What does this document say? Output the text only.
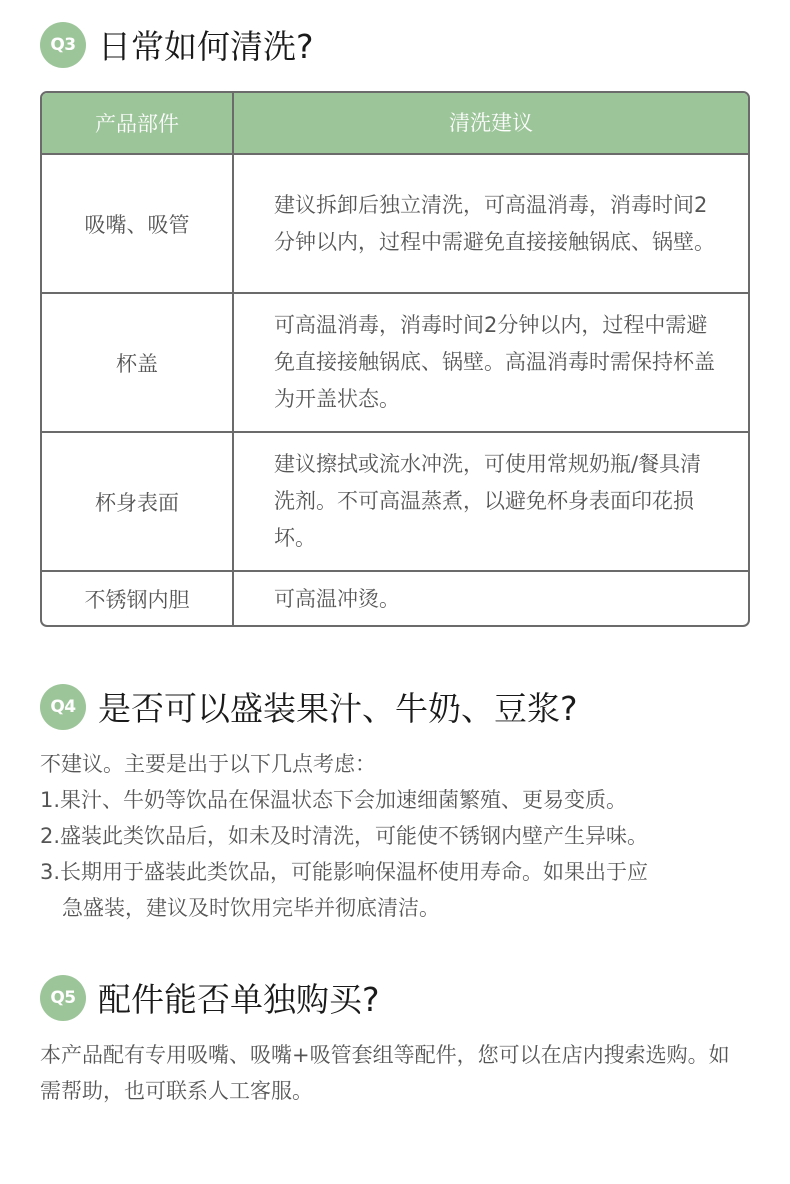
Q3 日常如何清洗?
产品部件	清洗建议
吸嘴、吸管
建议拆卸后独立清洗，可高温消毒，消毒时间2分钟以内，过程中需避免直接接触锅底、锅壁。
杯盖
可高温消毒，消毒时间2分钟以内，过程中需避免直接接触锅底、锅壁。高温消毒时需保持杯盖为开盖状态。
杯身表面
建议擦拭或流水冲洗，可使用常规奶瓶/餐具清洗剂。不可高温蒸煮，以避免杯身表面印花损坏。
不锈钢内胆	可高温冲烫。
Q4 是否可以盛装果汁、牛奶、豆浆?
不建议。主要是出于以下几点考虑：
1.果汁、牛奶等饮品在保温状态下会加速细菌繁殖、更易变质。
2.盛装此类饮品后，如未及时清洗，可能使不锈钢内壁产生异味。
3.长期用于盛装此类饮品，可能影响保温杯使用寿命。如果出于应
急盛装，建议及时饮用完毕并彻底清洁。
Q5 配件能否单独购买?
本产品配有专用吸嘴、吸嘴+吸管套组等配件，您可以在店内搜索选购。如需帮助，也可联系人工客服。
